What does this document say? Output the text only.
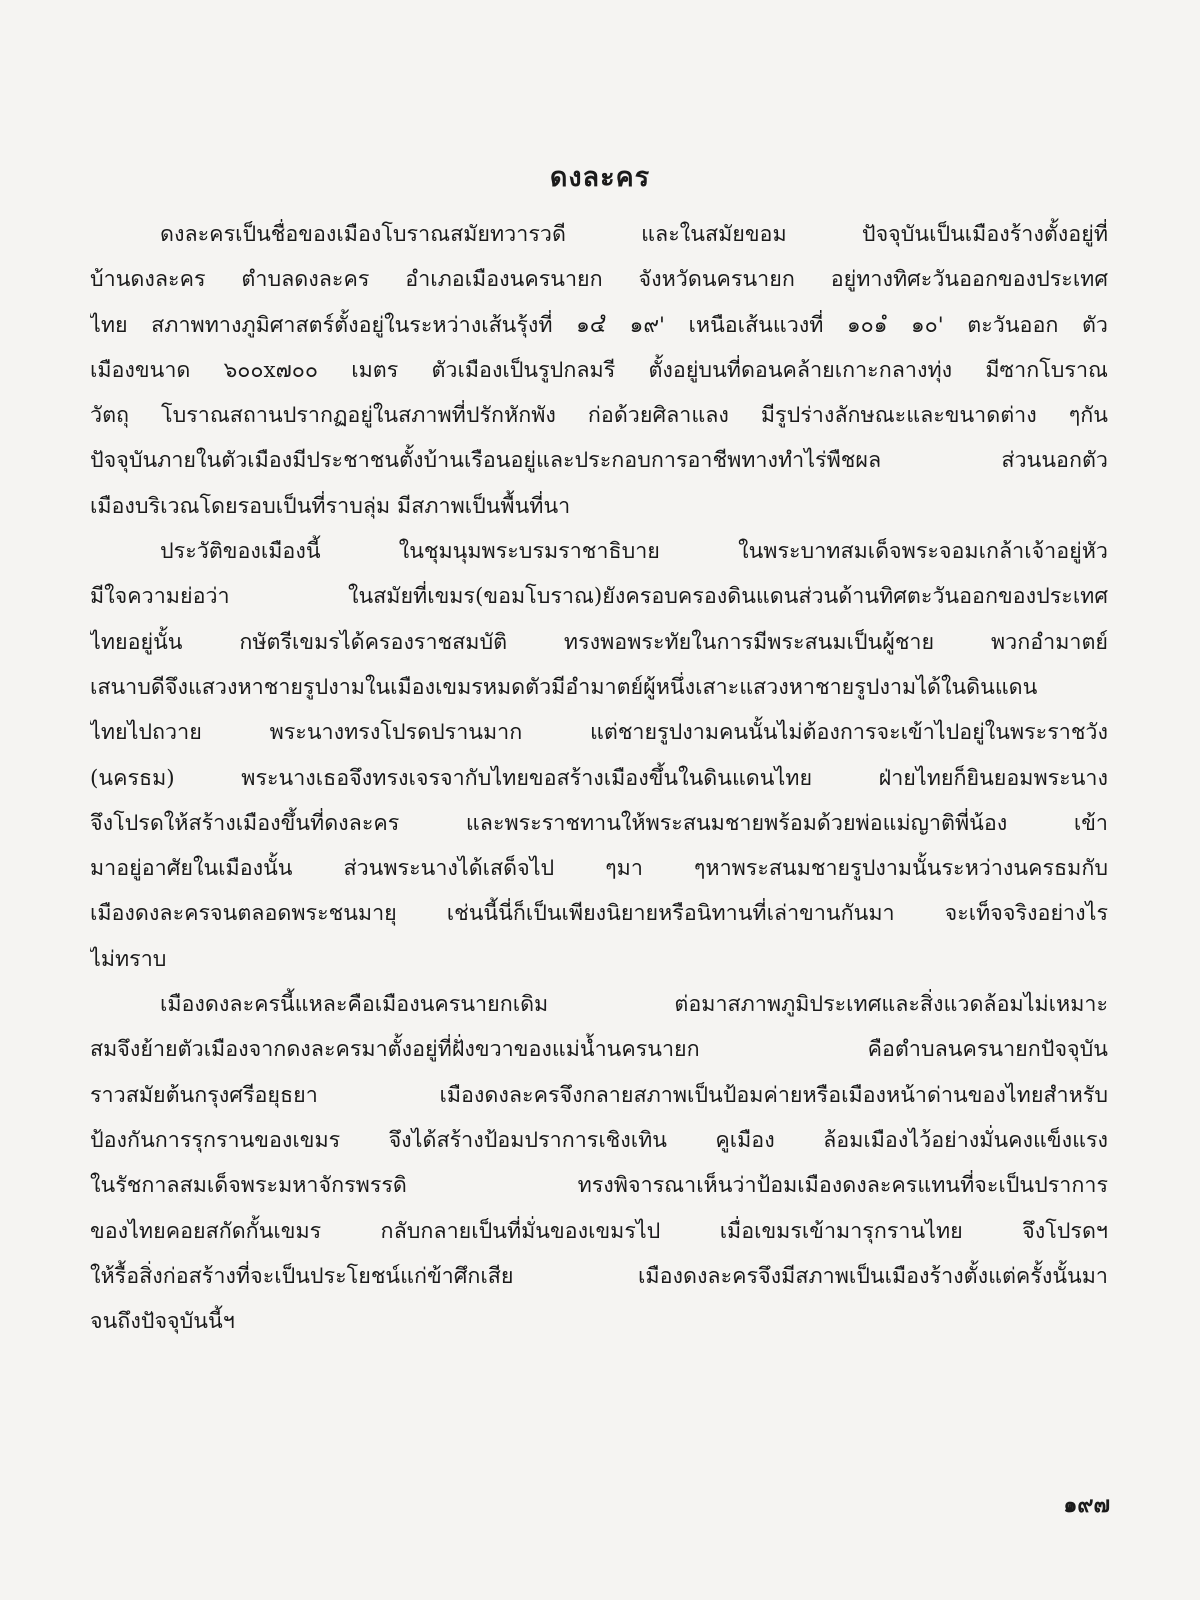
ดงละคร
ดงละครเป็นชื่อของเมืองโบราณสมัยทวารวดี และในสมัยขอม ปัจจุบันเป็นเมืองร้างตั้งอยู่ที่
บ้านดงละคร ตำบลดงละคร อำเภอเมืองนครนายก จังหวัดนครนายก อยู่ทางทิศะวันออกของประเทศ
ไทย สภาพทางภูมิศาสตร์ตั้งอยู่ในระหว่างเส้นรุ้งที่ ๑๔ํ ๑๙' เหนือเส้นแวงที่ ๑๐๑ํ ๑๐' ตะวันออก ตัว
เมืองขนาด ๖๐๐x๗๐๐ เมตร ตัวเมืองเป็นรูปกลมรี ตั้งอยู่บนที่ดอนคล้ายเกาะกลางทุ่ง มีซากโบราณ
วัตถุ โบราณสถานปรากฏอยู่ในสภาพที่ปรักหักพัง ก่อด้วยศิลาแลง มีรูปร่างลักษณะและขนาดต่าง ๆกัน
ปัจจุบันภายในตัวเมืองมีประชาชนตั้งบ้านเรือนอยู่และประกอบการอาชีพทางทำไร่พืชผล ส่วนนอกตัว
เมืองบริเวณโดยรอบเป็นที่ราบลุ่ม มีสภาพเป็นพื้นที่นา
ประวัติของเมืองนี้ ในชุมนุมพระบรมราชาธิบาย ในพระบาทสมเด็จพระจอมเกล้าเจ้าอยู่หัว
มีใจความย่อว่า ในสมัยที่เขมร(ขอมโบราณ)ยังครอบครองดินแดนส่วนด้านทิศตะวันออกของประเทศ
ไทยอยู่นั้น กษัตรีเขมรได้ครองราชสมบัติ ทรงพอพระทัยในการมีพระสนมเป็นผู้ชาย พวกอำมาตย์
เสนาบดีจึงแสวงหาชายรูปงามในเมืองเขมรหมดตัวมีอำมาตย์ผู้หนึ่งเสาะแสวงหาชายรูปงามได้ในดินแดน
ไทยไปถวาย พระนางทรงโปรดปรานมาก แต่ชายรูปงามคนนั้นไม่ต้องการจะเข้าไปอยู่ในพระราชวัง
(นครธม) พระนางเธอจึงทรงเจรจากับไทยขอสร้างเมืองขึ้นในดินแดนไทย ฝ่ายไทยก็ยินยอมพระนาง
จึงโปรดให้สร้างเมืองขึ้นที่ดงละคร และพระราชทานให้พระสนมชายพร้อมด้วยพ่อแม่ญาติพี่น้อง เข้า
มาอยู่อาศัยในเมืองนั้น ส่วนพระนางได้เสด็จไป ๆมา ๆหาพระสนมชายรูปงามนั้นระหว่างนครธมกับ
เมืองดงละครจนตลอดพระชนมายุ เช่นนี้นี่ก็เป็นเพียงนิยายหรือนิทานที่เล่าขานกันมา จะเท็จจริงอย่างไร
ไม่ทราบ
เมืองดงละครนี้แหละคือเมืองนครนายกเดิม ต่อมาสภาพภูมิประเทศและสิ่งแวดล้อมไม่เหมาะ
สมจึงย้ายตัวเมืองจากดงละครมาตั้งอยู่ที่ฝั่งขวาของแม่น้ำนครนายก คือตำบลนครนายกปัจจุบัน
ราวสมัยต้นกรุงศรีอยุธยา เมืองดงละครจึงกลายสภาพเป็นป้อมค่ายหรือเมืองหน้าด่านของไทยสำหรับ
ป้องกันการรุกรานของเขมร จึงได้สร้างป้อมปราการเชิงเทิน คูเมือง ล้อมเมืองไว้อย่างมั่นคงแข็งแรง
ในรัชกาลสมเด็จพระมหาจักรพรรดิ ทรงพิจารณาเห็นว่าป้อมเมืองดงละครแทนที่จะเป็นปราการ
ของไทยคอยสกัดกั้นเขมร กลับกลายเป็นที่มั่นของเขมรไป เมื่อเขมรเข้ามารุกรานไทย จึงโปรดฯ
ให้รื้อสิ่งก่อสร้างที่จะเป็นประโยชน์แก่ข้าศึกเสีย เมืองดงละครจึงมีสภาพเป็นเมืองร้างตั้งแต่ครั้งนั้นมา
จนถึงปัจจุบันนี้ฯ
๑๙๗
